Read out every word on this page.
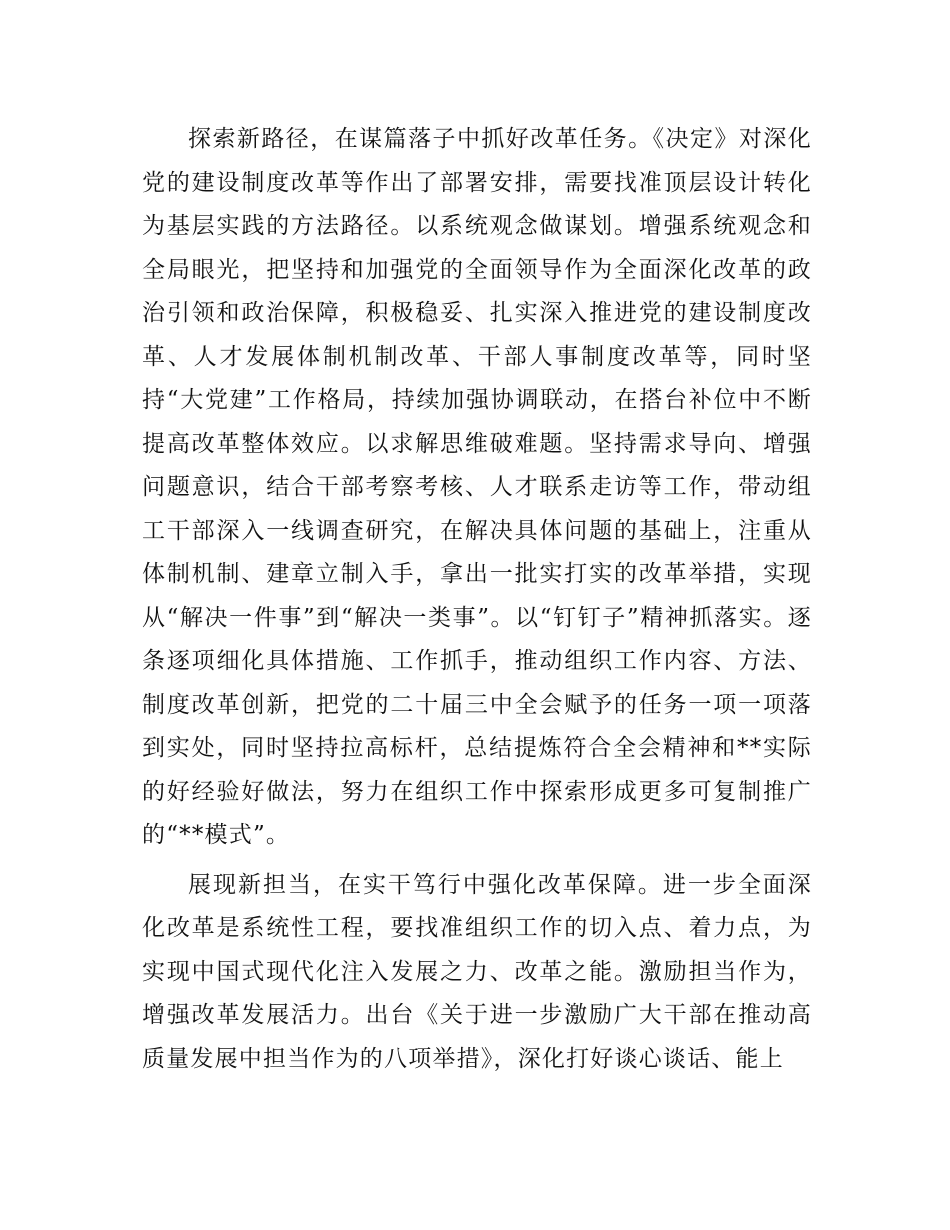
探索新路径，在谋篇落子中抓好改革任务。《决定》对深化党的建设制度改革等作出了部署安排，需要找准顶层设计转化为基层实践的方法路径。以系统观念做谋划。增强系统观念和全局眼光，把坚持和加强党的全面领导作为全面深化改革的政治引领和政治保障，积极稳妥、扎实深入推进党的建设制度改革、人才发展体制机制改革、干部人事制度改革等，同时坚持“大党建”工作格局，持续加强协调联动，在搭台补位中不断提高改革整体效应。以求解思维破难题。坚持需求导向、增强问题意识，结合干部考察考核、人才联系走访等工作，带动组工干部深入一线调查研究，在解决具体问题的基础上，注重从体制机制、建章立制入手，拿出一批实打实的改革举措，实现从“解决一件事”到“解决一类事”。以“钉钉子”精神抓落实。逐条逐项细化具体措施、工作抓手，推动组织工作内容、方法、制度改革创新，把党的二十届三中全会赋予的任务一项一项落到实处，同时坚持拉高标杆，总结提炼符合全会精神和**实际的好经验好做法，努力在组织工作中探索形成更多可复制推广的“**模式”。

展现新担当，在实干笃行中强化改革保障。进一步全面深化改革是系统性工程，要找准组织工作的切入点、着力点，为实现中国式现代化注入发展之力、改革之能。激励担当作为，增强改革发展活力。出台《关于进一步激励广大干部在推动高质量发展中担当作为的八项举措》，深化打好谈心谈话、能上
